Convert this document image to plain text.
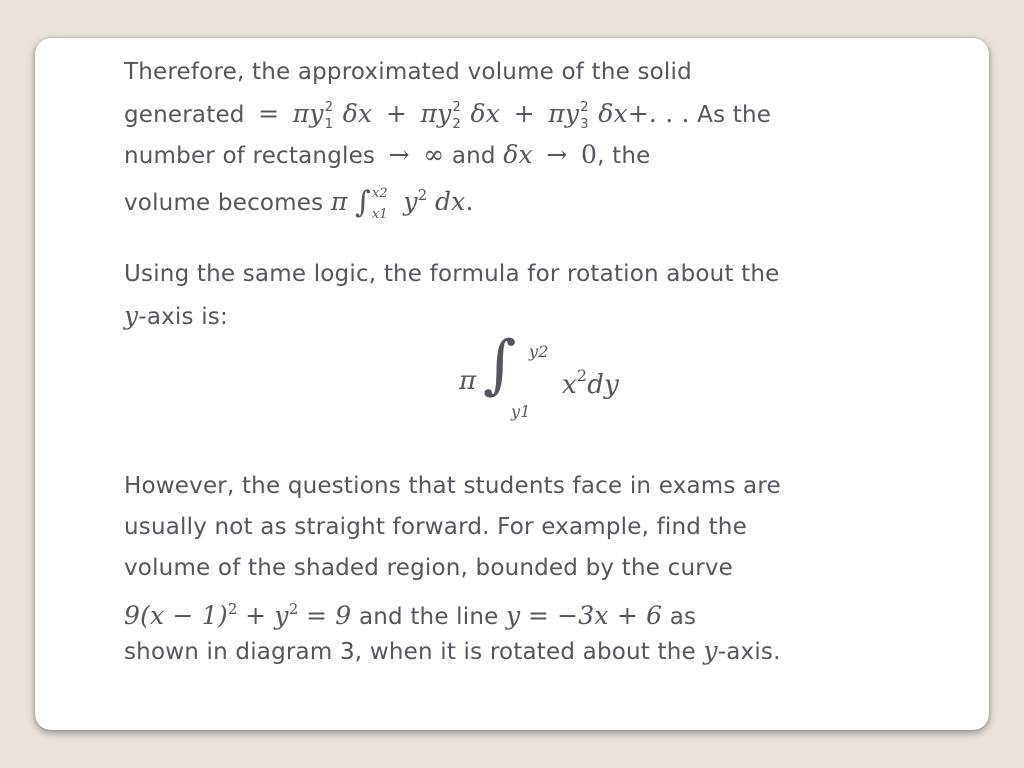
Therefore, the approximated volume of the solid
generated = πy 2
1 δx + πy 2
2 δx + πy 2
3 δx+. . . As the
number of rectangles → ∞ and δx → 0, the
volume becomes π ∫ x2
x1 $y^2$ dx.
Using the same logic, the formula for rotation about the
y-axis is:
π ∫ y2
y1
$x^2dy$
However, the questions that students face in exams are
usually not as straight forward. For example, find the
volume of the shaded region, bounded by the curve
$9(x - 1)^2 + y^2 = 9$ and the line y = −3x + 6 as
shown in diagram 3, when it is rotated about the y-axis.
